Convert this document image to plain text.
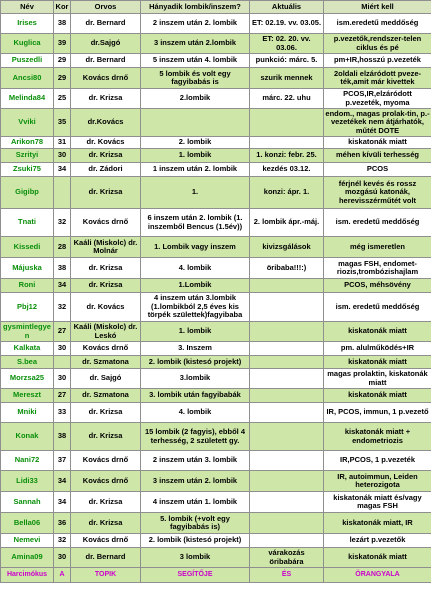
Név	Kor	Orvos	Hányadik lombik/inszem?	Aktuális	Miért kell
Irises	38	dr. Bernard	2 inszem után 2. lombik	ET: 02.19. vv. 03.05.	ism.eredetű meddőség
Kuglica	39	dr.Sajgó	3 inszem után 2.lombik	ET: 02. 20. vv. 03.06.	p.vezetők,rendszer-telen ciklus és pé
Puszedli	29	dr. Bernard	5 inszem után 4. lombik	punkció: márc. 5.	pm+IR,hosszú p.vezeték
Ancsi80	29	Kovács drnő	5 lombik és volt egy fagyibabás is	szurik mennek	2oldali elzáródott pveze-ték,amit már kivettek
Melinda84	25	dr. Krizsa	2.lombik	márc. 22. uhu	PCOS,IR,elzáródott p.vezeték, myoma
Vviki	35	dr.Kovács			endom., magas prolak-tin, p.-vezetékek nem átjárhatók, műtét DOTE
Arikon78	31	dr. Kovács	2. lombik		kiskatonák miatt
Szrityi	30	dr. Krizsa	1. lombik	1. konzi: febr. 25.	méhen kívüli terhesség
Zsuki75	34	dr. Zádori	1 inszem után 2. lombik	kezdés 03.12.	PCOS
Gigibp		dr. Krizsa	1.	konzi: ápr. 1.	férjnél kevés és rossz mozgású katonák, herevisszérműtét volt
Tnati	32	Kovács drnő	6 inszem után 2. lombik (1. inszemből Bencus (1.5év))	2. lombik ápr.-máj.	ism. eredetű meddőség
Kissedi	28	Kaáli (Miskolc) dr. Molnár	1. Lombik vagy inszem	kivizsgálások	még ismeretlen
Májuska	38	dr. Krizsa	4. lombik	öribaba!!!:)	magas FSH, endomet-riozis,trombózishajlam
Roni	34	dr. Krizsa	1.Lombik		PCOS, méhsövény
Pbj12	32	dr. Kovács	4 inszem után 3.lombik (1.lombikból 2,5 éves kis törpék születtek)fagyibaba		ism. eredetű meddőség
gysmintlegyen	27	Kaáli (Miskolc) dr. Leskó	1. lombik		kiskatonák miatt
Kalkata	30	Kovács drnő	3. Inszem		pm. alulműködés+IR
S.bea		dr. Szmatona	2. lombik (kistesó projekt)		kiskatonák miatt
Morzsa25	30	dr. Sajgó	3.lombik		magas prolaktin, kiskatonák miatt
Mereszt	27	dr. Szmatona	3. lombik után fagyibabák		kiskatonák miatt
Mniki	33	dr. Krizsa	4. lombik		IR, PCOS, immun, 1 p.vezető
Konak	38	dr. Krizsa	15 lombik (2 fagyis), ebből 4 terhesség, 2 született gy.		kiskatonák miatt + endometriozis
Nani72	37	Kovács drnő	2 inszem után 3. lombik		IR,PCOS, 1 p.vezeték
Lidi33	34	Kovács drnő	3 inszem után 2. lombik		IR, autoimmun, Leiden heterozigota
Sannah	34	dr. Krizsa	4 inszem után 1. lombik		kiskatonák miatt és/vagy magas FSH
Bella06	36	dr. Krizsa	5. lombik (+volt egy fagyibabás is)		kiskatonák miatt, IR
Nemevi	32	Kovács drnő	2. lombik (kistesó projekt)		lezárt p.vezetők
Amina09	30	dr. Bernard	3 lombik	várakozás öribabára	kiskatonák miatt
Harcimókus	A	TOPIK	SEGÍTŐJE	ÉS	ÖRANGYALA
